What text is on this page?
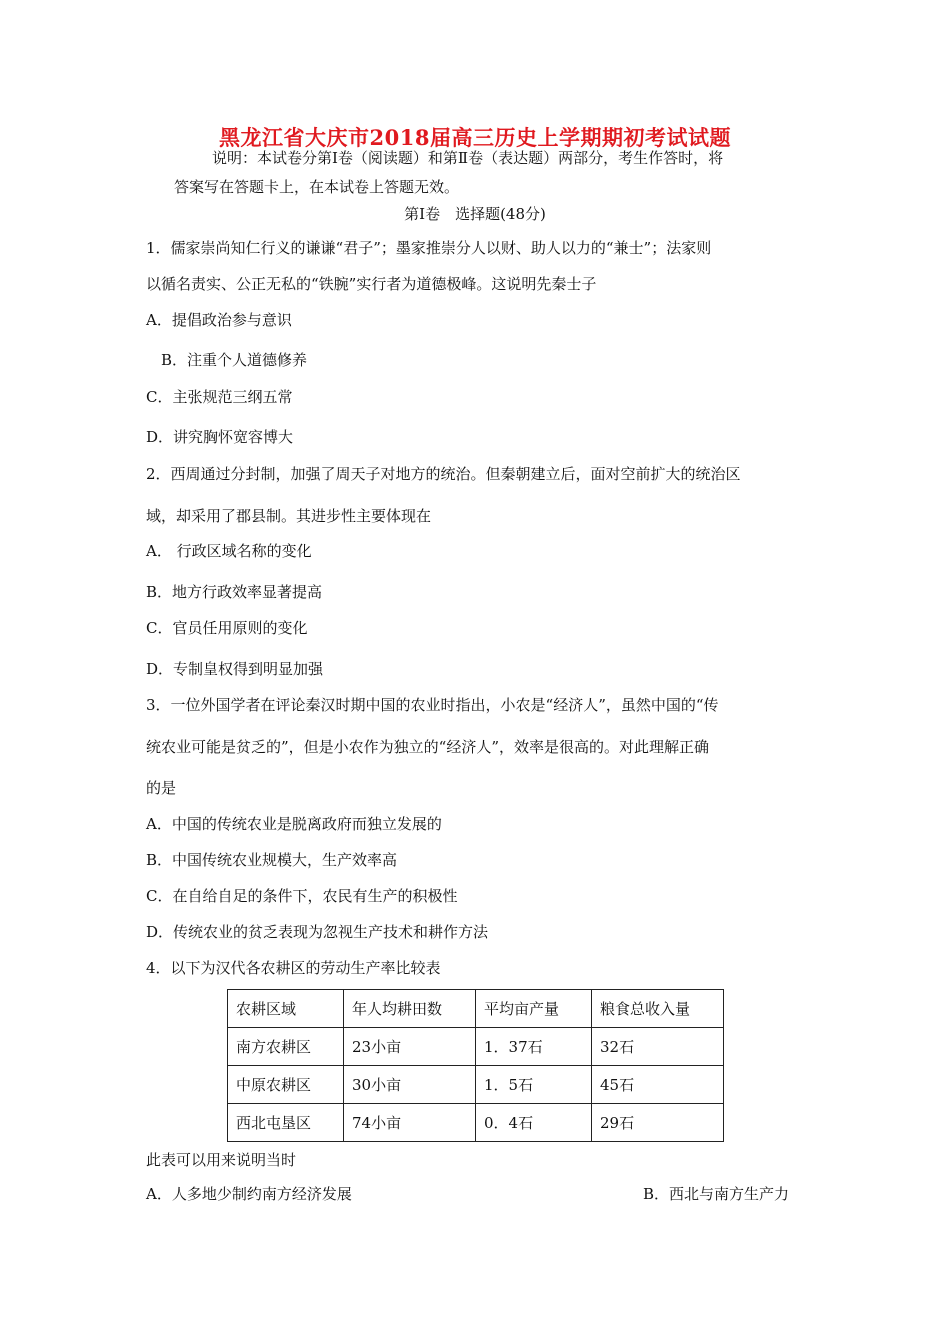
黑龙江省大庆市2018届高三历史上学期期初考试试题
说明：本试卷分第Ⅰ卷（阅读题）和第Ⅱ卷（表达题）两部分，考生作答时，将
答案写在答题卡上，在本试卷上答题无效。
第Ⅰ卷　选择题(48分)
1．儒家崇尚知仁行义的谦谦“君子”；墨家推崇分人以财、助人以力的“兼士”；法家则
以循名责实、公正无私的“铁腕”实行者为道德极峰。这说明先秦士子
A．提倡政治参与意识
B．注重个人道德修养
C．主张规范三纲五常
D．讲究胸怀宽容博大
2．西周通过分封制，加强了周天子对地方的统治。但秦朝建立后，面对空前扩大的统治区
域，却采用了郡县制。其进步性主要体现在
A． 行政区域名称的变化
B．地方行政效率显著提高
C．官员任用原则的变化
D．专制皇权得到明显加强
3．一位外国学者在评论秦汉时期中国的农业时指出，小农是“经济人”，虽然中国的“传
统农业可能是贫乏的”，但是小农作为独立的“经济人”，效率是很高的。对此理解正确
的是
A．中国的传统农业是脱离政府而独立发展的
B．中国传统农业规模大，生产效率高
C．在自给自足的条件下，农民有生产的积极性
D．传统农业的贫乏表现为忽视生产技术和耕作方法
4．以下为汉代各农耕区的劳动生产率比较表
农耕区域	年人均耕田数	平均亩产量	粮食总收入量
南方农耕区	23小亩	1．37石	32石
中原农耕区	30小亩	1．5石	45石
西北屯垦区	74小亩	0．4石	29石
此表可以用来说明当时
A．人多地少制约南方经济发展	B．西北与南方生产力
